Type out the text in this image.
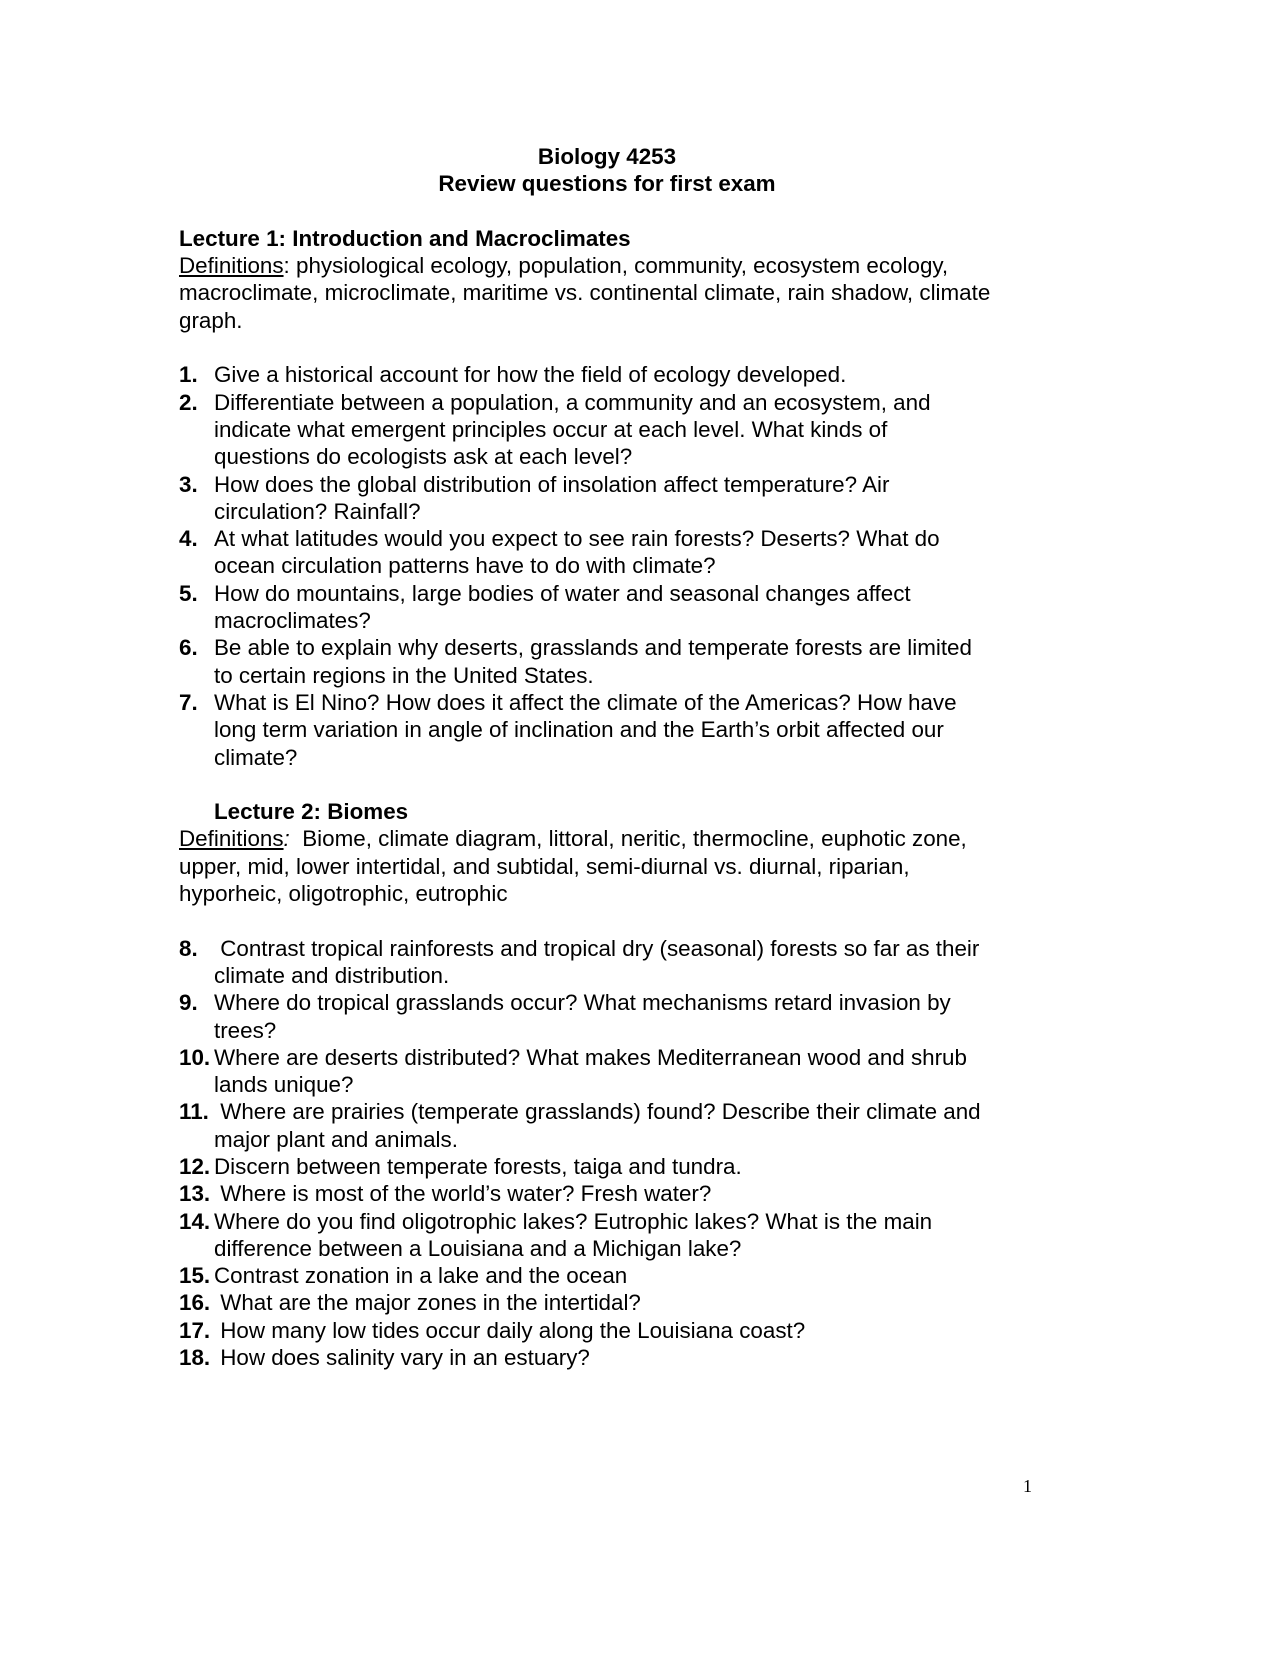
Biology 4253
Review questions for first exam
Lecture 1: Introduction and Macroclimates
Definitions: physiological ecology, population, community, ecosystem ecology,
macroclimate, microclimate, maritime vs. continental climate, rain shadow, climate
graph.
1. Give a historical account for how the field of ecology developed.
2. Differentiate between a population, a community and an ecosystem, and
indicate what emergent principles occur at each level. What kinds of
questions do ecologists ask at each level?
3. How does the global distribution of insolation affect temperature? Air
circulation? Rainfall?
4. At what latitudes would you expect to see rain forests? Deserts? What do
ocean circulation patterns have to do with climate?
5. How do mountains, large bodies of water and seasonal changes affect
macroclimates?
6. Be able to explain why deserts, grasslands and temperate forests are limited
to certain regions in the United States.
7. What is El Nino? How does it affect the climate of the Americas? How have
long term variation in angle of inclination and the Earth’s orbit affected our
climate?
Lecture 2: Biomes
Definitions:  Biome, climate diagram, littoral, neritic, thermocline, euphotic zone,
upper, mid, lower intertidal, and subtidal, semi-diurnal vs. diurnal, riparian,
hyporheic, oligotrophic, eutrophic
8. Contrast tropical rainforests and tropical dry (seasonal) forests so far as their
climate and distribution.
9. Where do tropical grasslands occur? What mechanisms retard invasion by
trees?
10. Where are deserts distributed? What makes Mediterranean wood and shrub
lands unique?
11. Where are prairies (temperate grasslands) found? Describe their climate and
major plant and animals.
12. Discern between temperate forests, taiga and tundra.
13. Where is most of the world’s water? Fresh water?
14. Where do you find oligotrophic lakes? Eutrophic lakes? What is the main
difference between a Louisiana and a Michigan lake?
15. Contrast zonation in a lake and the ocean
16. What are the major zones in the intertidal?
17. How many low tides occur daily along the Louisiana coast?
18. How does salinity vary in an estuary?
1
